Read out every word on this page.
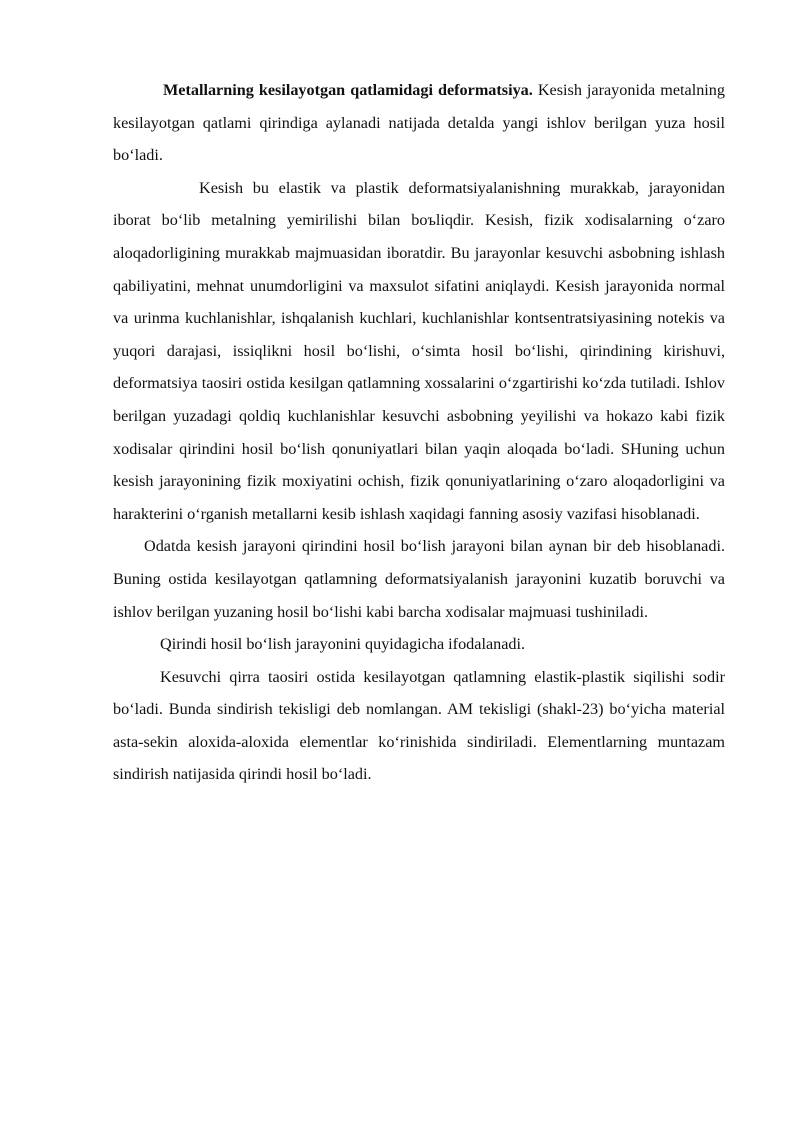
Metallarning kesilayotgan qatlamidagi deformatsiya. Kesish jarayonida metalning kesilayotgan qatlami qirindiga aylanadi natijada detalda yangi ishlov berilgan yuza hosil bo‘ladi.

Kesish bu elastik va plastik deformatsiyalanishning murakkab, jarayonidan iborat bo‘lib metalning yemirilishi bilan boъliqdir. Kesish, fizik xodisalarning o‘zaro aloqadorligining murakkab majmuasidan iboratdir. Bu jarayonlar kesuvchi asbobning ishlash qabiliyatini, mehnat unumdorligini va maxsulot sifatini aniqlaydi. Kesish jarayonida normal va urinma kuchlanishlar, ishqalanish kuchlari, kuchlanishlar kontsentratsiyasining notekis va yuqori darajasi, issiqlikni hosil bo‘lishi, o‘simta hosil bo‘lishi, qirindining kirishuvi, deformatsiya taosiri ostida kesilgan qatlamning xossalarini o‘zgartirishi ko‘zda tutiladi. Ishlov berilgan yuzadagi qoldiq kuchlanishlar kesuvchi asbobning yeyilishi va hokazo kabi fizik xodisalar qirindini hosil bo‘lish qonuniyatlari bilan yaqin aloqada bo‘ladi. SHuning uchun kesish jarayonining fizik moxiyatini ochish, fizik qonuniyatlarining o‘zaro aloqadorligini va harakterini o‘rganish metallarni kesib ishlash xaqidagi fanning asosiy vazifasi hisoblanadi.

Odatda kesish jarayoni qirindini hosil bo‘lish jarayoni bilan aynan bir deb hisoblanadi. Buning ostida kesilayotgan qatlamning deformatsiyalanish jarayonini kuzatib boruvchi va ishlov berilgan yuzaning hosil bo‘lishi kabi barcha xodisalar majmuasi tushiniladi.

Qirindi hosil bo‘lish jarayonini quyidagicha ifodalanadi.

Kesuvchi qirra taosiri ostida kesilayotgan qatlamning elastik-plastik siqilishi sodir bo‘ladi. Bunda sindirish tekisligi deb nomlangan. AM tekisligi (shakl-23) bo‘yicha material asta-sekin aloxida-aloxida elementlar ko‘rinishida sindiriladi. Elementlarning muntazam sindirish natijasida qirindi hosil bo‘ladi.
